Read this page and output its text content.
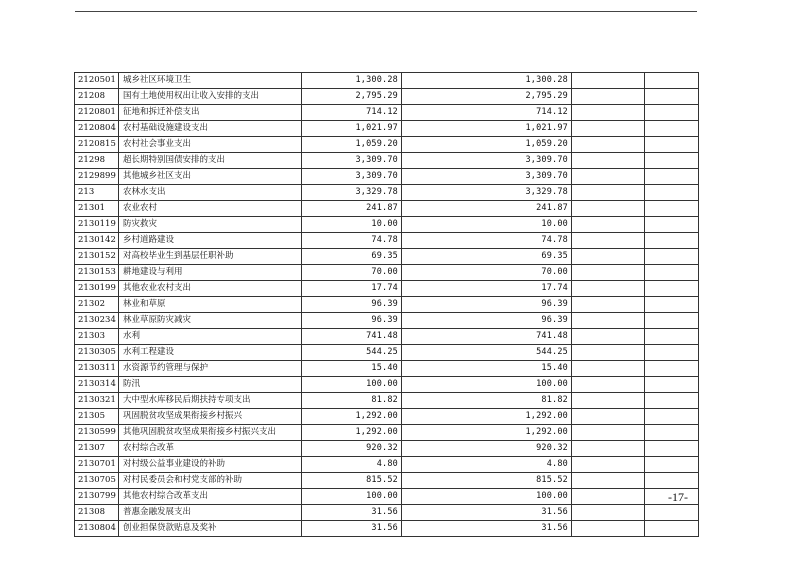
2120501	城乡社区环境卫生	1,300.28	1,300.28		
21208	国有土地使用权出让收入安排的支出	2,795.29	2,795.29		
2120801	征地和拆迁补偿支出	714.12	714.12		
2120804	农村基础设施建设支出	1,021.97	1,021.97		
2120815	农村社会事业支出	1,059.20	1,059.20		
21298	超长期特别国债安排的支出	3,309.70	3,309.70		
2129899	其他城乡社区支出	3,309.70	3,309.70		
213	农林水支出	3,329.78	3,329.78		
21301	农业农村	241.87	241.87		
2130119	防灾救灾	10.00	10.00		
2130142	乡村道路建设	74.78	74.78		
2130152	对高校毕业生到基层任职补助	69.35	69.35		
2130153	耕地建设与利用	70.00	70.00		
2130199	其他农业农村支出	17.74	17.74		
21302	林业和草原	96.39	96.39		
2130234	林业草原防灾减灾	96.39	96.39		
21303	水利	741.48	741.48		
2130305	水利工程建设	544.25	544.25		
2130311	水资源节约管理与保护	15.40	15.40		
2130314	防汛	100.00	100.00		
2130321	大中型水库移民后期扶持专项支出	81.82	81.82		
21305	巩固脱贫攻坚成果衔接乡村振兴	1,292.00	1,292.00		
2130599	其他巩固脱贫攻坚成果衔接乡村振兴支出	1,292.00	1,292.00		
21307	农村综合改革	920.32	920.32		
2130701	对村级公益事业建设的补助	4.80	4.80		
2130705	对村民委员会和村党支部的补助	815.52	815.52		
2130799	其他农村综合改革支出	100.00	100.00		
21308	普惠金融发展支出	31.56	31.56		
2130804	创业担保贷款贴息及奖补	31.56	31.56		
-17-
